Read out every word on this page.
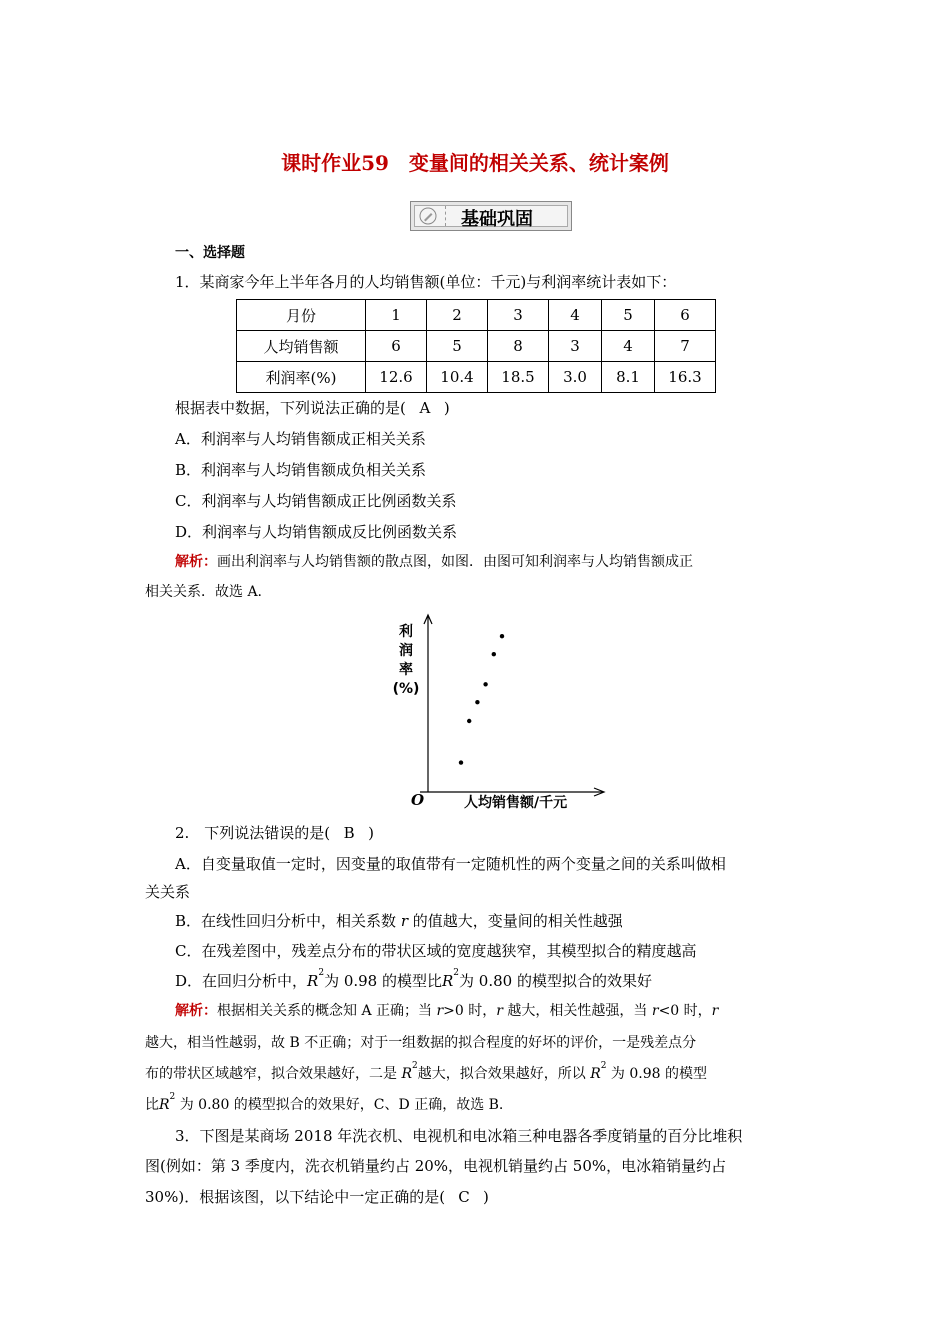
课时作业59　变量间的相关关系、统计案例
基础巩固
一、选择题
1．某商家今年上半年各月的人均销售额(单位：千元)与利润率统计表如下：
月份	1	2	3	4	5	6
人均销售额	6	5	8	3	4	7
利润率(%)	12.6	10.4	18.5	3.0	8.1	16.3
根据表中数据，下列说法正确的是( A )
A．利润率与人均销售额成正相关关系
B．利润率与人均销售额成负相关关系
C．利润率与人均销售额成正比例函数关系
D．利润率与人均销售额成反比例函数关系
解析：画出利润率与人均销售额的散点图，如图．由图可知利润率与人均销售额成正
相关关系．故选 A.
利
润
率
(%)
O	人均销售额/千元
2.　下列说法错误的是( B )
A．自变量取值一定时，因变量的取值带有一定随机性的两个变量之间的关系叫做相
关关系
B．在线性回归分析中，相关系数 r 的值越大，变量间的相关性越强
C．在残差图中，残差点分布的带状区域的宽度越狭窄，其模型拟合的精度越高
D．在回归分析中，$R^2$为 0.98 的模型比$R^2$为 0.80 的模型拟合的效果好
解析：根据相关关系的概念知 A 正确；当 r>0 时，r 越大，相关性越强，当 r<0 时，r
越大，相当性越弱，故 B 不正确；对于一组数据的拟合程度的好坏的评价，一是残差点分
布的带状区域越窄，拟合效果越好，二是 $R^2$越大，拟合效果越好，所以 $R^2$ 为 0.98 的模型
比$R^2$ 为 0.80 的模型拟合的效果好，C、D 正确，故选 B.
3．下图是某商场 2018 年洗衣机、电视机和电冰箱三种电器各季度销量的百分比堆积
图(例如：第 3 季度内，洗衣机销量约占 20%，电视机销量约占 50%，电冰箱销量约占
30%)．根据该图，以下结论中一定正确的是( C )
